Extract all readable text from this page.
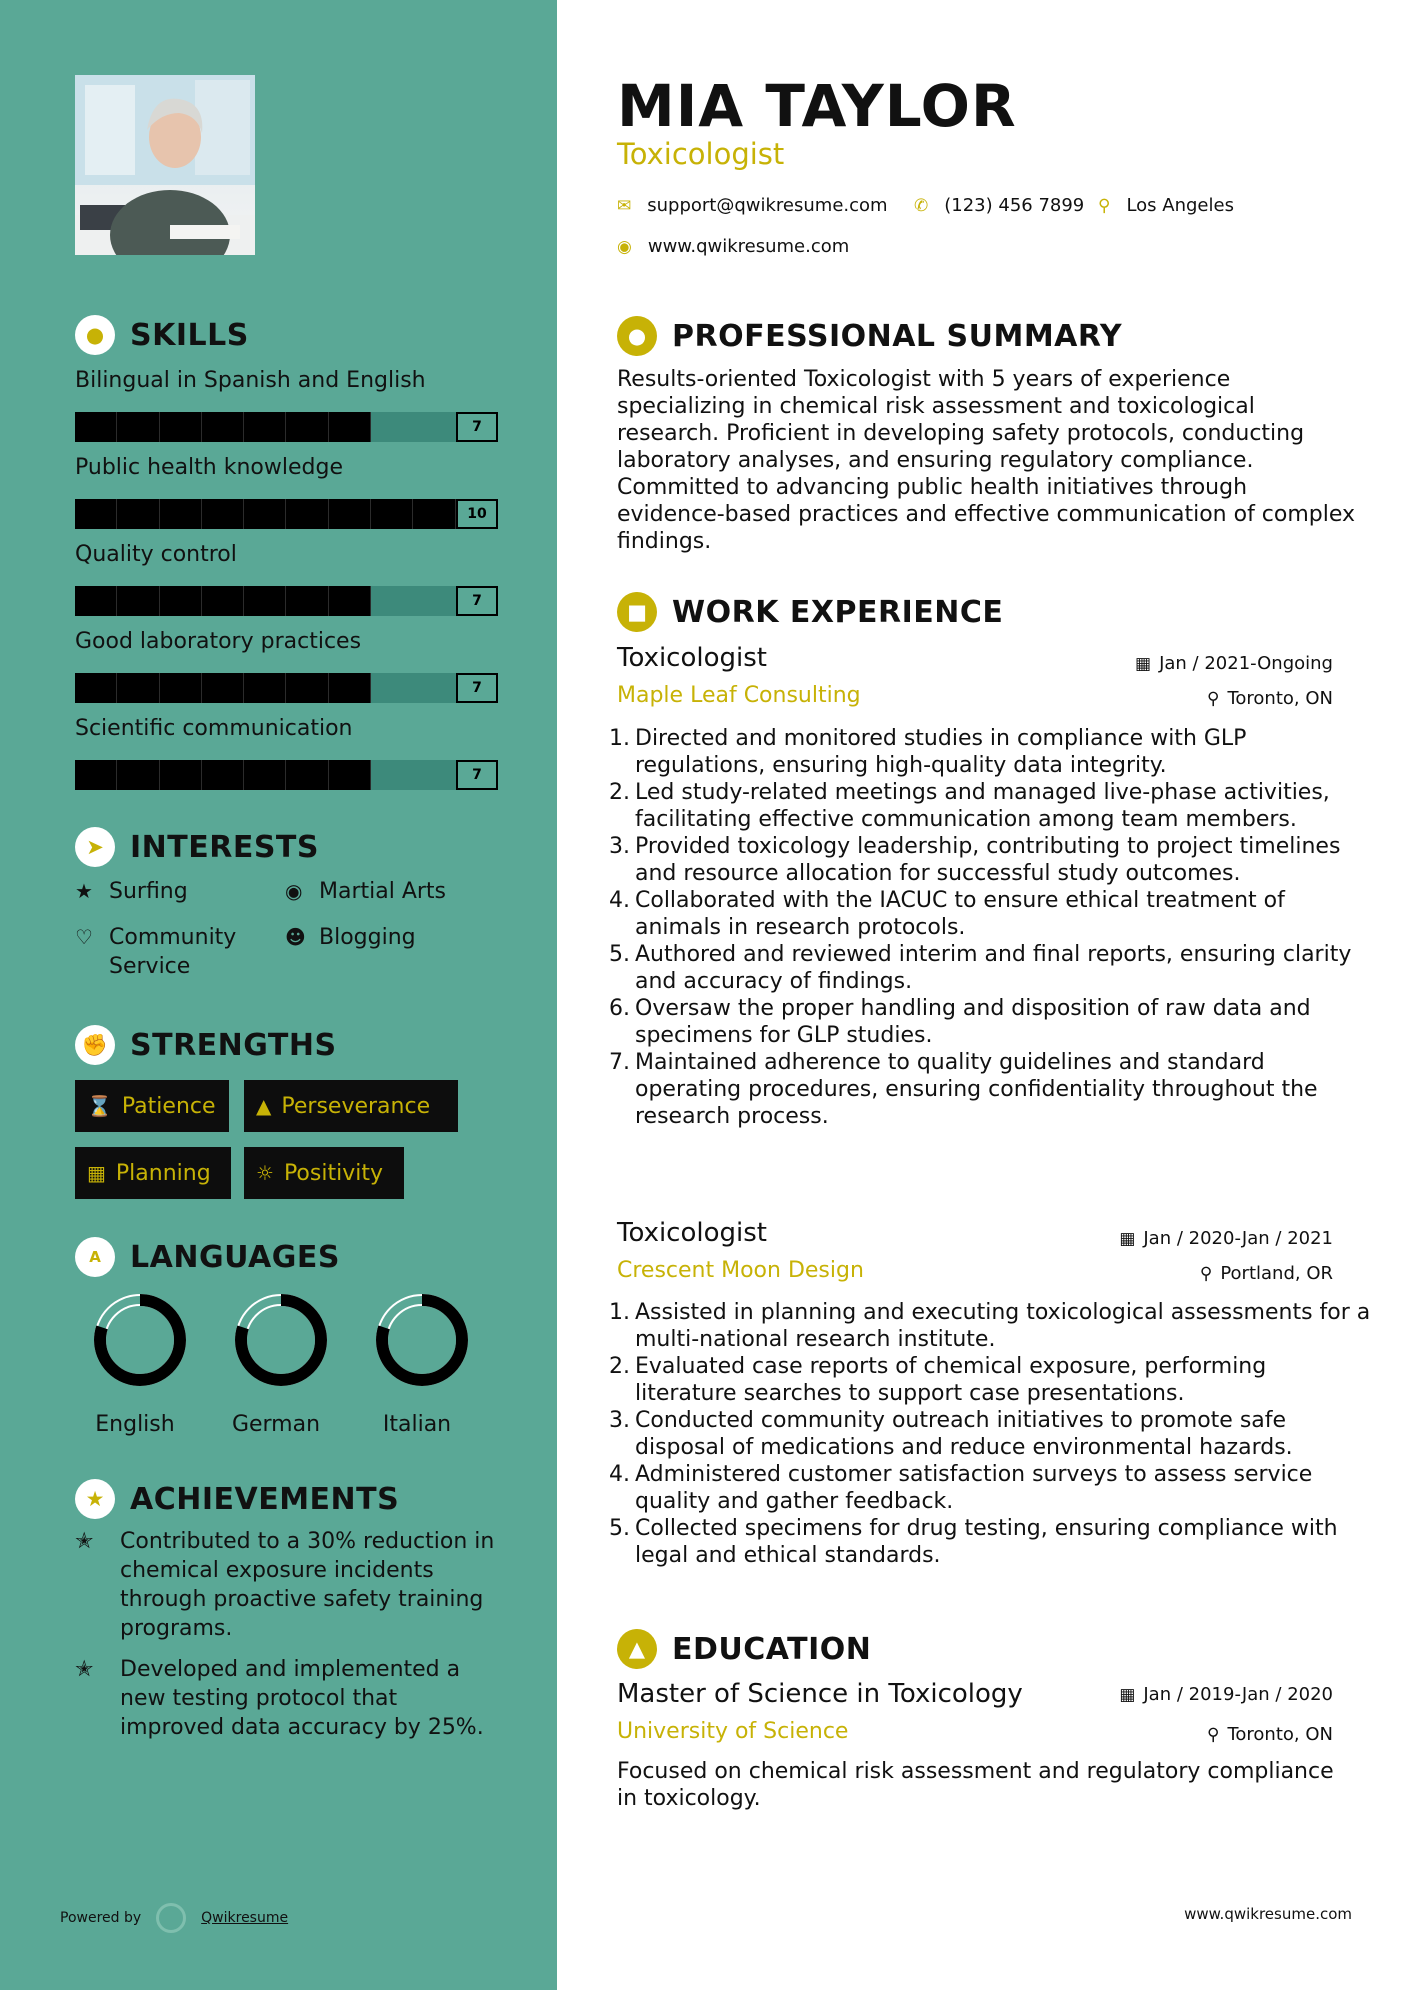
● SKILLS
Bilingual in Spanish and English
7
Public health knowledge
10
Quality control
7
Good laboratory practices
7
Scientific communication
7
➤ INTERESTS
★ Surfing	◉ Martial Arts
♡ Community Service
☻ Blogging
✊ STRENGTHS
⌛ Patience ▲ Perseverance
▦ Planning ☼ Positivity
A LANGUAGES
English	German	Italian
★ ACHIEVEMENTS
✭	Contributed to a 30% reduction in chemical exposure incidents through proactive safety training programs.
✭	Developed and implemented a new testing protocol that improved data accuracy by 25%.
Powered by	Qwikresume
MIA TAYLOR
Toxicologist
✉ support@qwikresume.com ✆ (123) 456 7899 ⚲ Los Angeles
◉ www.qwikresume.com
● PROFESSIONAL SUMMARY
Results-oriented Toxicologist with 5 years of experience specializing in chemical risk assessment and toxicological research. Proficient in developing safety protocols, conducting laboratory analyses, and ensuring regulatory compliance. Committed to advancing public health initiatives through evidence-based practices and effective communication of complex findings.
■ WORK EXPERIENCE
Toxicologist	▦ Jan / 2021-Ongoing
Maple Leaf Consulting	⚲ Toronto, ON
1. Directed and monitored studies in compliance with GLP regulations, ensuring high-quality data integrity.
2. Led study-related meetings and managed live-phase activities, facilitating effective communication among team members.
3. Provided toxicology leadership, contributing to project timelines and resource allocation for successful study outcomes.
4. Collaborated with the IACUC to ensure ethical treatment of animals in research protocols.
5. Authored and reviewed interim and final reports, ensuring clarity and accuracy of findings.
6. Oversaw the proper handling and disposition of raw data and specimens for GLP studies.
7. Maintained adherence to quality guidelines and standard operating procedures, ensuring confidentiality throughout the research process.
Toxicologist	▦ Jan / 2020-Jan / 2021
Crescent Moon Design	⚲ Portland, OR
1. Assisted in planning and executing toxicological assessments for a multi-national research institute.
2. Evaluated case reports of chemical exposure, performing literature searches to support case presentations.
3. Conducted community outreach initiatives to promote safe disposal of medications and reduce environmental hazards.
4. Administered customer satisfaction surveys to assess service quality and gather feedback.
5. Collected specimens for drug testing, ensuring compliance with legal and ethical standards.
▲ EDUCATION
Master of Science in Toxicology	▦ Jan / 2019-Jan / 2020
University of Science	⚲ Toronto, ON
Focused on chemical risk assessment and regulatory compliance in toxicology.
www.qwikresume.com
